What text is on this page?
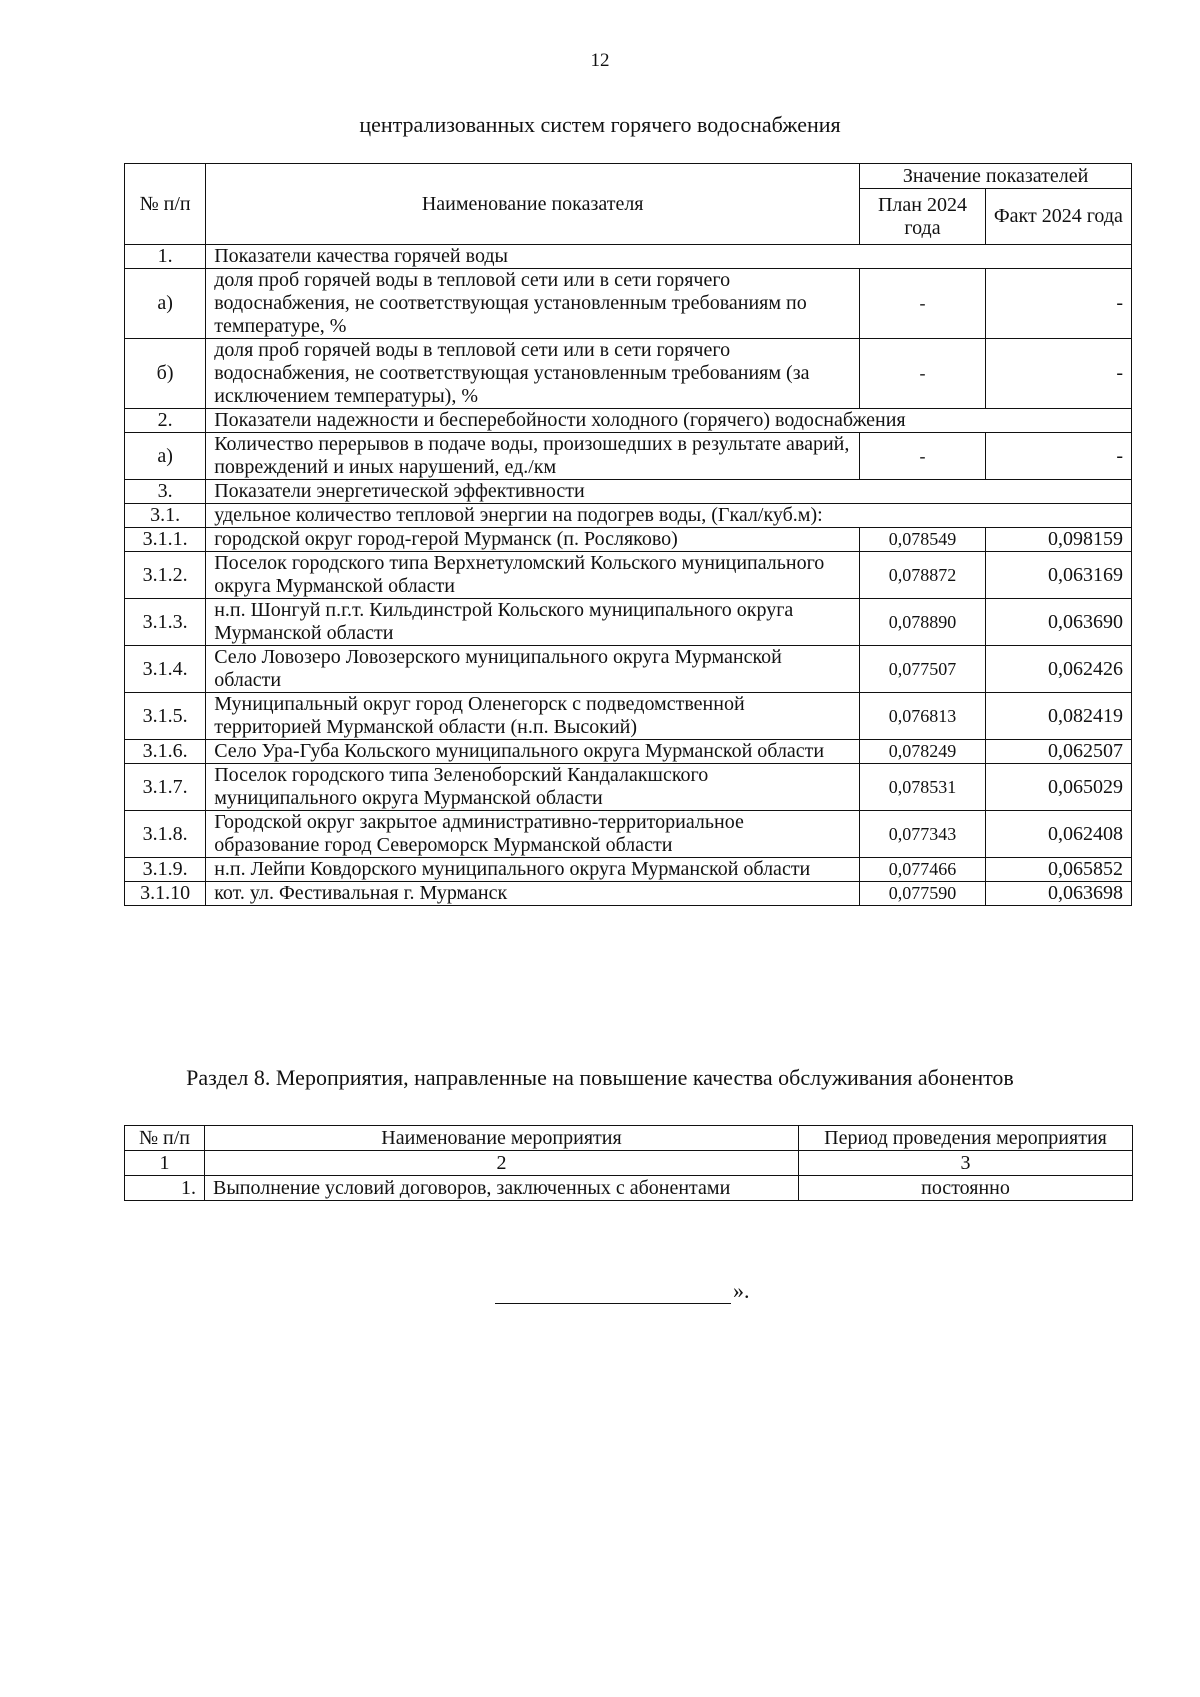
12
централизованных систем горячего водоснабжения
№ п/п	Наименование показателя	Значение показателей	
		План 2024 года	Факт 2024 года
1.	Показатели качества горячей воды		
а)	доля проб горячей воды в тепловой сети или в сети горячего водоснабжения, не соответствующая установленным требованиям по температуре, %	-	-
б)	доля проб горячей воды в тепловой сети или в сети горячего водоснабжения, не соответствующая установленным требованиям (за исключением температуры), %	-	-
2.	Показатели надежности и бесперебойности холодного (горячего) водоснабжения		
а)	Количество перерывов в подаче воды, произошедших в результате аварий, повреждений и иных нарушений, ед./км	-	-
3.	Показатели энергетической эффективности		
3.1.	удельное количество тепловой энергии на подогрев воды, (Гкал/куб.м):		
3.1.1.	городской округ город-герой Мурманск (п. Росляково)	0,078549	0,098159
3.1.2.	Поселок городского типа Верхнетуломский Кольского муниципального округа Мурманской области	0,078872	0,063169
3.1.3.	н.п. Шонгуй п.г.т. Кильдинстрой Кольского муниципального округа Мурманской области	0,078890	0,063690
3.1.4.	Село Ловозеро Ловозерского муниципального округа Мурманской области	0,077507	0,062426
3.1.5.	Муниципальный округ город Оленегорск с подведомственной территорией Мурманской области (н.п. Высокий)	0,076813	0,082419
3.1.6.	Село Ура-Губа Кольского муниципального округа Мурманской области	0,078249	0,062507
3.1.7.	Поселок городского типа Зеленоборский Кандалакшского муниципального округа Мурманской области	0,078531	0,065029
3.1.8.	Городской округ закрытое административно-территориальное образование город Североморск Мурманской области	0,077343	0,062408
3.1.9.	н.п. Лейпи Ковдорского муниципального округа Мурманской области	0,077466	0,065852
3.1.10	кот. ул. Фестивальная г. Мурманск	0,077590	0,063698
Раздел 8. Мероприятия, направленные на повышение качества обслуживания абонентов
№ п/п	Наименование мероприятия	Период проведения мероприятия
1	2	3
1.	Выполнение условий договоров, заключенных с абонентами	постоянно
».
